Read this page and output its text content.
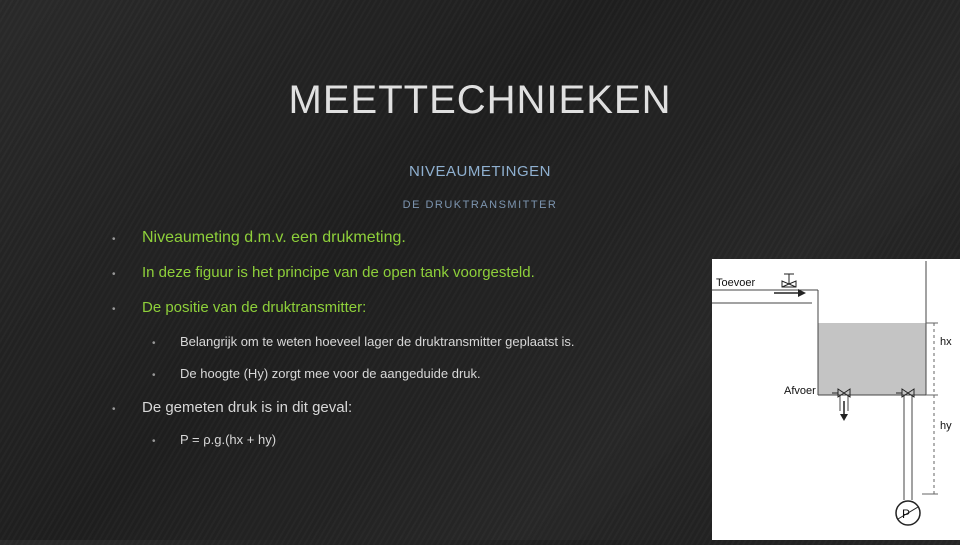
MEETTECHNIEKEN
NIVEAUMETINGEN
DE DRUKTRANSMITTER
•	Niveaumeting d.m.v. een drukmeting.
•	In deze figuur is het principe van de open tank voorgesteld.
•	De positie van de druktransmitter:
•	Belangrijk om te weten hoeveel lager de druktransmitter geplaatst is.
•	De hoogte (Hy) zorgt mee voor de aangeduide druk.
•	De gemeten druk is in dit geval:
•	P = ρ.g.(hx + hy)
Toevoer
hx
hy
Afvoer
P
